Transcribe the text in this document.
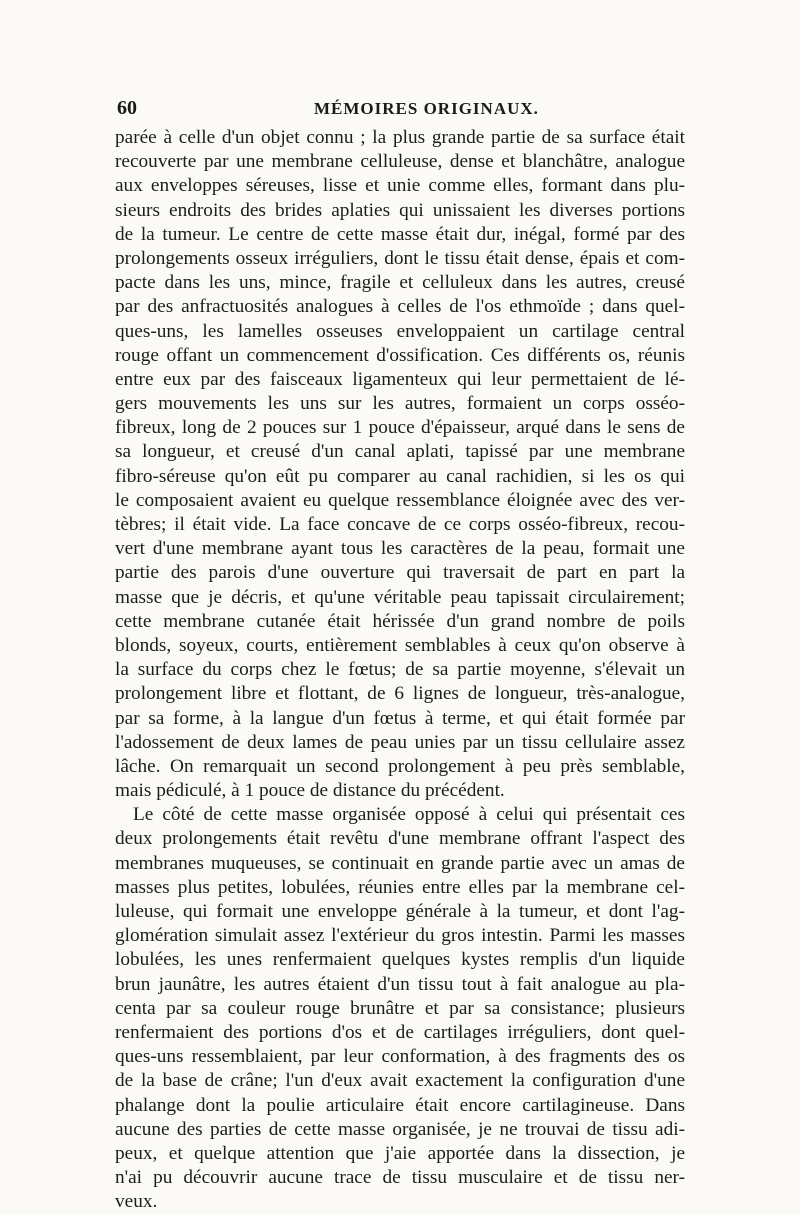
60	MÉMOIRES ORIGINAUX.
parée à celle d'un objet connu ; la plus grande partie de sa surface était
recouverte par une membrane celluleuse, dense et blanchâtre, analogue
aux enveloppes séreuses, lisse et unie comme elles, formant dans plu-
sieurs endroits des brides aplaties qui unissaient les diverses portions
de la tumeur. Le centre de cette masse était dur, inégal, formé par des
prolongements osseux irréguliers, dont le tissu était dense, épais et com-
pacte dans les uns, mince, fragile et celluleux dans les autres, creusé
par des anfractuosités analogues à celles de l'os ethmoïde ; dans quel-
ques-uns, les lamelles osseuses enveloppaient un cartilage central
rouge offant un commencement d'ossification. Ces différents os, réunis
entre eux par des faisceaux ligamenteux qui leur permettaient de lé-
gers mouvements les uns sur les autres, formaient un corps osséo-
fibreux, long de 2 pouces sur 1 pouce d'épaisseur, arqué dans le sens de
sa longueur, et creusé d'un canal aplati, tapissé par une membrane
fibro-séreuse qu'on eût pu comparer au canal rachidien, si les os qui
le composaient avaient eu quelque ressemblance éloignée avec des ver-
tèbres; il était vide. La face concave de ce corps osséo-fibreux, recou-
vert d'une membrane ayant tous les caractères de la peau, formait une
partie des parois d'une ouverture qui traversait de part en part la
masse que je décris, et qu'une véritable peau tapissait circulairement;
cette membrane cutanée était hérissée d'un grand nombre de poils
blonds, soyeux, courts, entièrement semblables à ceux qu'on observe à
la surface du corps chez le fœtus; de sa partie moyenne, s'élevait un
prolongement libre et flottant, de 6 lignes de longueur, très-analogue,
par sa forme, à la langue d'un fœtus à terme, et qui était formée par
l'adossement de deux lames de peau unies par un tissu cellulaire assez
lâche. On remarquait un second prolongement à peu près semblable,
mais pédiculé, à 1 pouce de distance du précédent.
Le côté de cette masse organisée opposé à celui qui présentait ces
deux prolongements était revêtu d'une membrane offrant l'aspect des
membranes muqueuses, se continuait en grande partie avec un amas de
masses plus petites, lobulées, réunies entre elles par la membrane cel-
luleuse, qui formait une enveloppe générale à la tumeur, et dont l'ag-
glomération simulait assez l'extérieur du gros intestin. Parmi les masses
lobulées, les unes renfermaient quelques kystes remplis d'un liquide
brun jaunâtre, les autres étaient d'un tissu tout à fait analogue au pla-
centa par sa couleur rouge brunâtre et par sa consistance; plusieurs
renfermaient des portions d'os et de cartilages irréguliers, dont quel-
ques-uns ressemblaient, par leur conformation, à des fragments des os
de la base de crâne; l'un d'eux avait exactement la configuration d'une
phalange dont la poulie articulaire était encore cartilagineuse. Dans
aucune des parties de cette masse organisée, je ne trouvai de tissu adi-
peux, et quelque attention que j'aie apportée dans la dissection, je
n'ai pu découvrir aucune trace de tissu musculaire et de tissu ner-
veux.
